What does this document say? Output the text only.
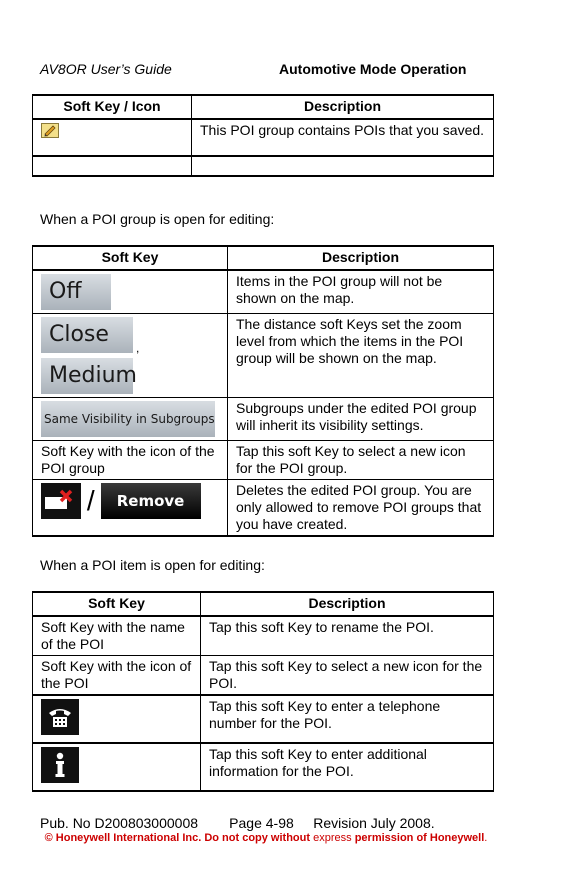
AV8OR User’s Guide	Automotive Mode Operation
Soft Key / Icon	Description
	This POI group contains POIs that you saved.

When a POI group is open for editing:
Soft Key	Description
Off	Items in the POI group will not be shown on the map.

Close
,
Medium	The distance soft Keys set the zoom level from which the items in the POI group will be shown on the map.
Same Visibility in Subgroups	Subgroups under the edited POI group will inherit its visibility settings.
Soft Key with the icon of the POI group	Tap this soft Key to select a new icon for the POI group.
/ Remove	Deletes the edited POI group. You are only allowed to remove POI groups that you have created.
When a POI item is open for editing:
Soft Key	Description
Soft Key with the name of the POI	Tap this soft Key to rename the POI.
Soft Key with the icon of the POI	Tap this soft Key to select a new icon for the POI.
	Tap this soft Key to enter a telephone number for the POI.
	Tap this soft Key to enter additional information for the POI.
Pub. No D200803000008 Page 4-98 Revision July 2008.
© Honeywell International Inc. Do not copy without express permission of Honeywell.
